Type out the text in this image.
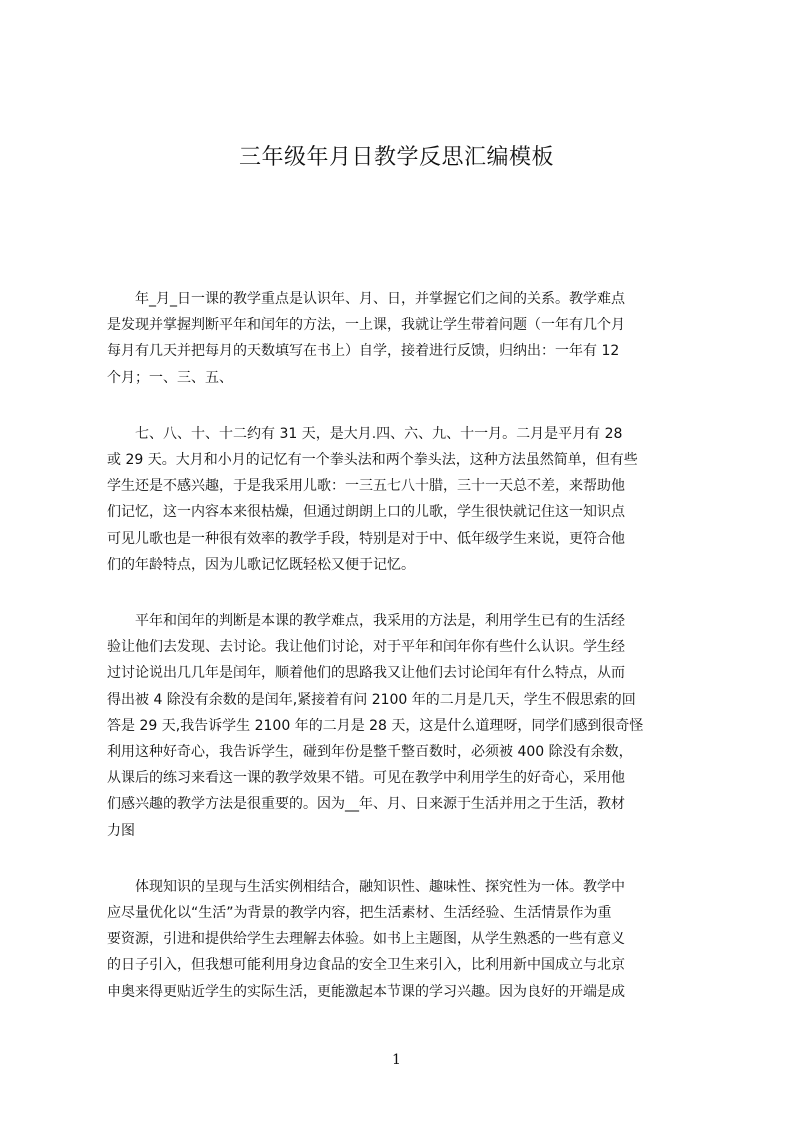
三年级年月日教学反思汇编模板

　　年_月_日一课的教学重点是认识年、月、日，并掌握它们之间的关系。教学难点
是发现并掌握判断平年和闰年的方法，一上课，我就让学生带着问题（一年有几个月
每月有几天并把每月的天数填写在书上）自学，接着进行反馈，归纳出：一年有 12
个月；一、三、五、

　　七、八、十、十二约有 31 天，是大月.四、六、九、十一月。二月是平月有 28
或 29 天。大月和小月的记忆有一个拳头法和两个拳头法，这种方法虽然简单，但有些
学生还是不感兴趣，于是我采用儿歌：一三五七八十腊，三十一天总不差，来帮助他
们记忆，这一内容本来很枯燥，但通过朗朗上口的儿歌，学生很快就记住这一知识点
可见儿歌也是一种很有效率的教学手段，特别是对于中、低年级学生来说，更符合他
们的年龄特点，因为儿歌记忆既轻松又便于记忆。

　　平年和闰年的判断是本课的教学难点，我采用的方法是，利用学生已有的生活经
验让他们去发现、去讨论。我让他们讨论，对于平年和闰年你有些什么认识。学生经
过讨论说出几几年是闰年，顺着他们的思路我又让他们去讨论闰年有什么特点，从而
得出被 4 除没有余数的是闰年,紧接着有问 2100 年的二月是几天，学生不假思索的回
答是 29 天,我告诉学生 2100 年的二月是 28 天，这是什么道理呀，同学们感到很奇怪
利用这种好奇心，我告诉学生，碰到年份是整千整百数时，必须被 400 除没有余数，
从课后的练习来看这一课的教学效果不错。可见在教学中利用学生的好奇心，采用他
们感兴趣的教学方法是很重要的。因为__年、月、日来源于生活并用之于生活，教材
力图

　　体现知识的呈现与生活实例相结合，融知识性、趣味性、探究性为一体。教学中
应尽量优化以“生活”为背景的教学内容，把生活素材、生活经验、生活情景作为重
要资源，引进和提供给学生去理解去体验。如书上主题图，从学生熟悉的一些有意义
的日子引入，但我想可能利用身边食品的安全卫生来引入，比利用新中国成立与北京
申奥来得更贴近学生的实际生活，更能激起本节课的学习兴趣。因为良好的开端是成

1
